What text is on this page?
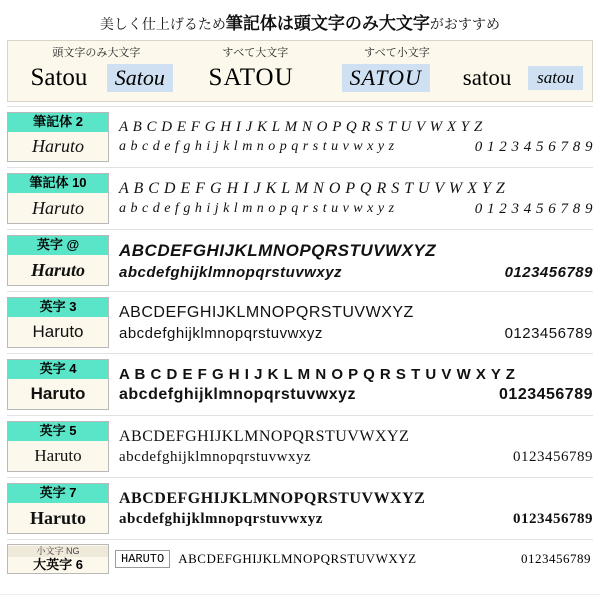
美しく仕上げるため筆記体は頭文字のみ大文字がおすすめ
頭文字のみ大文字	すべて大文字	すべて小文字
Satou	Satou	SATOU	SATOU	satou	satou
筆記体 2
Haruto
A B C D E F G H I J K L M N O P Q R S T U V W X Y Z
a b c d e f g h i j k l m n o p q r s t u v w x y z	0 1 2 3 4 5 6 7 8 9
筆記体 10
Haruto
A B C D E F G H I J K L M N O P Q R S T U V W X Y Z
a b c d e f g h i j k l m n o p q r s t u v w x y z	0 1 2 3 4 5 6 7 8 9
英字 @
Haruto
ABCDEFGHIJKLMNOPQRSTUVWXYZ
abcdefghijklmnopqrstuvwxyz	0123456789
英字 3
Haruto
ABCDEFGHIJKLMNOPQRSTUVWXYZ
abcdefghijklmnopqrstuvwxyz	0123456789
英字 4
Haruto
A B C D E F G H I J K L M N O P Q R S T U V W X Y Z
abcdefghijklmnopqrstuvwxyz	0123456789
英字 5
Haruto
ABCDEFGHIJKLMNOPQRSTUVWXYZ
abcdefghijklmnopqrstuvwxyz	0123456789
英字 7
Haruto
ABCDEFGHIJKLMNOPQRSTUVWXYZ
abcdefghijklmnopqrstuvwxyz	0123456789
小文字 NG
大英字 6	HARUTO	ABCDEFGHIJKLMNOPQRSTUVWXYZ	0123456789
